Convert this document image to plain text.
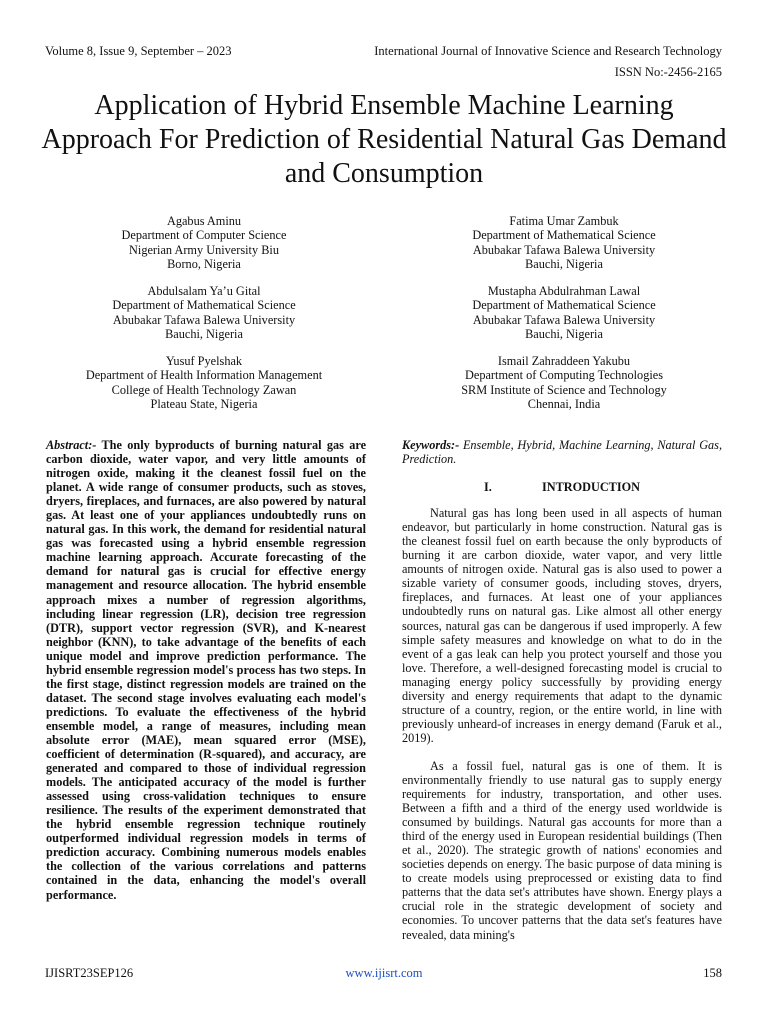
Volume 8, Issue 9, September – 2023	International Journal of Innovative Science and Research Technology
ISSN No:-2456-2165
Application of Hybrid Ensemble Machine Learning Approach For Prediction of Residential Natural Gas Demand and Consumption
Agabus Aminu
Department of Computer Science
Nigerian Army University Biu
Borno, Nigeria
Fatima Umar Zambuk
Department of Mathematical Science
Abubakar Tafawa Balewa University
Bauchi, Nigeria
Abdulsalam Ya’u Gital
Department of Mathematical Science
Abubakar Tafawa Balewa University
Bauchi, Nigeria
Mustapha Abdulrahman Lawal
Department of Mathematical Science
Abubakar Tafawa Balewa University
Bauchi, Nigeria
Yusuf Pyelshak
Department of Health Information Management
College of Health Technology Zawan
Plateau State, Nigeria
Ismail Zahraddeen Yakubu
Department of Computing Technologies
SRM Institute of Science and Technology
Chennai, India
Abstract:- The only byproducts of burning natural gas are carbon dioxide, water vapor, and very little amounts of nitrogen oxide, making it the cleanest fossil fuel on the planet. A wide range of consumer products, such as stoves, dryers, fireplaces, and furnaces, are also powered by natural gas. At least one of your appliances undoubtedly runs on natural gas. In this work, the demand for residential natural gas was forecasted using a hybrid ensemble regression machine learning approach. Accurate forecasting of the demand for natural gas is crucial for effective energy management and resource allocation. The hybrid ensemble approach mixes a number of regression algorithms, including linear regression (LR), decision tree regression (DTR), support vector regression (SVR), and K-nearest neighbor (KNN), to take advantage of the benefits of each unique model and improve prediction performance. The hybrid ensemble regression model's process has two steps. In the first stage, distinct regression models are trained on the dataset. The second stage involves evaluating each model's predictions. To evaluate the effectiveness of the hybrid ensemble model, a range of measures, including mean absolute error (MAE), mean squared error (MSE), coefficient of determination (R-squared), and accuracy, are generated and compared to those of individual regression models. The anticipated accuracy of the model is further assessed using cross-validation techniques to ensure resilience. The results of the experiment demonstrated that the hybrid ensemble regression technique routinely outperformed individual regression models in terms of prediction accuracy. Combining numerous models enables the collection of the various correlations and patterns contained in the data, enhancing the model's overall performance.
Keywords:- Ensemble, Hybrid, Machine Learning, Natural Gas, Prediction.
I.	INTRODUCTION

Natural gas has long been used in all aspects of human endeavor, but particularly in home construction. Natural gas is the cleanest fossil fuel on earth because the only byproducts of burning it are carbon dioxide, water vapor, and very little amounts of nitrogen oxide. Natural gas is also used to power a sizable variety of consumer goods, including stoves, dryers, fireplaces, and furnaces. At least one of your appliances undoubtedly runs on natural gas. Like almost all other energy sources, natural gas can be dangerous if used improperly. A few simple safety measures and knowledge on what to do in the event of a gas leak can help you protect yourself and those you love. Therefore, a well-designed forecasting model is crucial to managing energy policy successfully by providing energy diversity and energy requirements that adapt to the dynamic structure of a country, region, or the entire world, in line with previously unheard-of increases in energy demand (Faruk et al., 2019).

As a fossil fuel, natural gas is one of them. It is environmentally friendly to use natural gas to supply energy requirements for industry, transportation, and other uses. Between a fifth and a third of the energy used worldwide is consumed by buildings. Natural gas accounts for more than a third of the energy used in European residential buildings (Then et al., 2020). The strategic growth of nations' economies and societies depends on energy. The basic purpose of data mining is to create models using preprocessed or existing data to find patterns that the data set's attributes have shown. Energy plays a crucial role in the strategic development of society and economies. To uncover patterns that the data set's features have revealed, data mining's

IJISRT23SEP126	www.ijisrt.com	158
